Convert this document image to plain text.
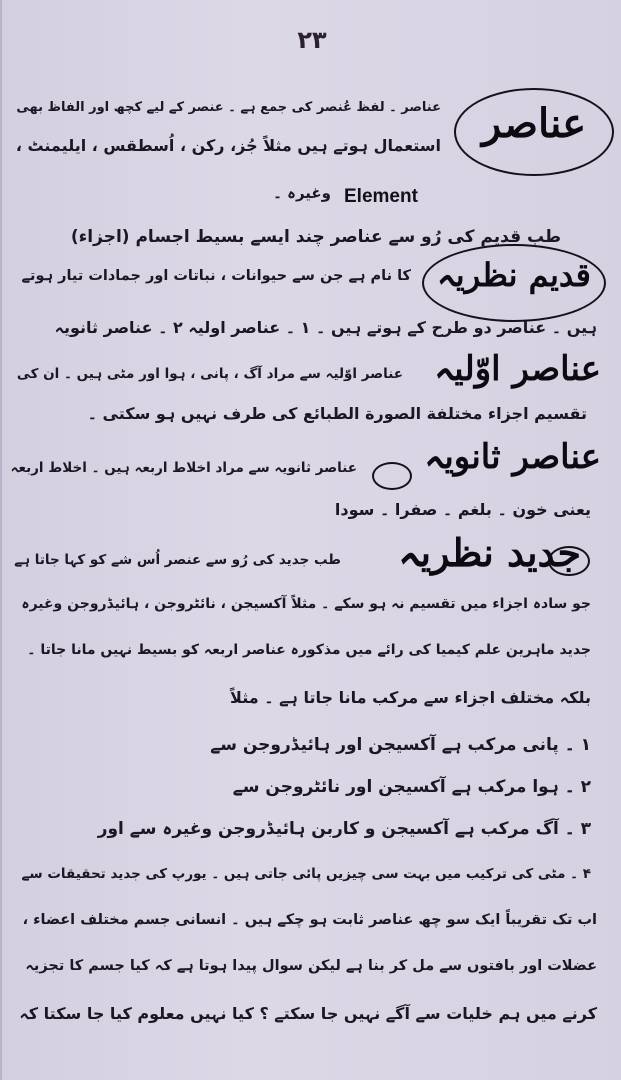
۲۳
عناصر
عناصر ۔ لفظ عُنصر کی جمع ہے ۔ عنصر کے لیے کچھ اور الفاظ بھی
استعمال ہوتے ہیں مثلاً جُز، رکن ، اُسطقس ، ایلیمنٹ ،
Element
وغیرہ ۔
طب قدیم کی رُو سے عناصر چند ایسے بسیط اجسام (اجزاء)
قدیم نظریہ
کا نام ہے جن سے حیوانات ، نباتات اور جمادات تیار ہوتے
ہیں ۔ عناصر دو طرح کے ہوتے ہیں ۔ ۱ ۔ عناصر اولیہ ۲ ۔ عناصر ثانویہ
عناصر اوّلیہ
عناصر اوّلیہ سے مراد آگ ، پانی ، ہوا اور مٹی ہیں ۔ ان کی
تقسیم اجزاء مختلفة الصورة الطبائع کی طرف نہیں ہو سکتی ۔
عناصر ثانویہ
عناصر ثانویہ سے مراد اخلاط اربعہ ہیں ۔ اخلاط اربعہ
یعنی خون ۔ بلغم ۔ صفرا ۔ سودا
جدید نظریہ
طب جدید کی رُو سے عنصر اُس شے کو کہا جاتا ہے
جو سادہ اجزاء میں تقسیم نہ ہو سکے ۔ مثلاً آکسیجن ، نائٹروجن ، ہائیڈروجن وغیرہ
جدید ماہرین علم کیمیا کی رائے میں مذکورہ عناصر اربعہ کو بسیط نہیں مانا جاتا ۔
بلکہ مختلف اجزاء سے مرکب مانا جاتا ہے ۔ مثلاً
۱ ۔ پانی مرکب ہے آکسیجن اور ہائیڈروجن سے
۲ ۔ ہوا مرکب ہے آکسیجن اور نائٹروجن سے
۳ ۔ آگ مرکب ہے آکسیجن و کاربن ہائیڈروجن وغیرہ سے اور
۴ ۔ مٹی کی ترکیب میں بہت سی چیزیں پائی جاتی ہیں ۔ یورپ کی جدید تحقیقات سے
اب تک تقریباً ایک سو چھ عناصر ثابت ہو چکے ہیں ۔ انسانی جسم مختلف اعضاء ،
عضلات اور بافتوں سے مل کر بنا ہے لیکن سوال پیدا ہوتا ہے کہ کیا جسم کا تجزیہ
کرنے میں ہم خلیات سے آگے نہیں جا سکتے ؟ کیا نہیں معلوم کیا جا سکتا کہ
